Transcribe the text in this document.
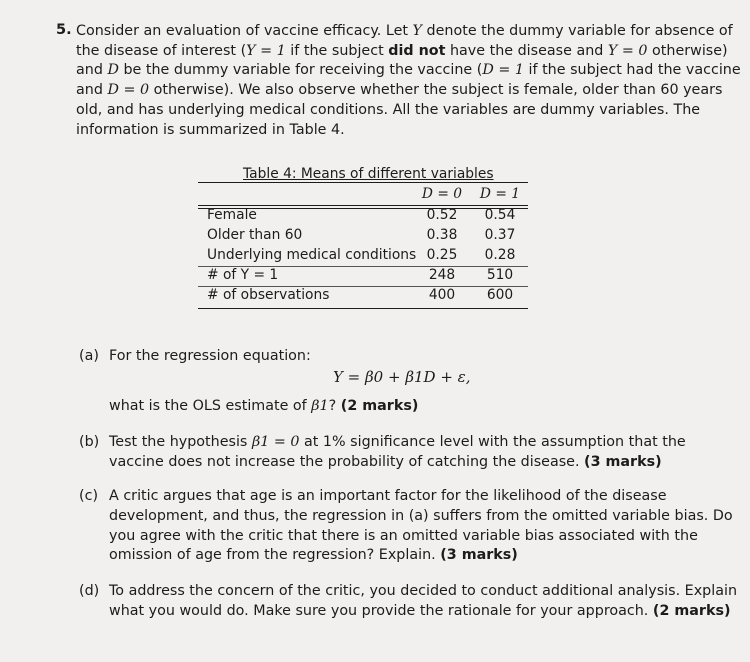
5. Consider an evaluation of vaccine efficacy. Let Y denote the dummy variable for absence of

the disease of interest (Y = 1 if the subject did not have the disease and Y = 0 otherwise)

and D be the dummy variable for receiving the vaccine (D = 1 if the subject had the vaccine

and D = 0 otherwise). We also observe whether the subject is female, older than 60 years

old, and has underlying medical conditions. All the variables are dummy variables. The

information is summarized in Table 4.

Table 4: Means of different variables
D = 0	D = 1
Female	0.52	0.54
Older than 60	0.38	0.37
Underlying medical conditions 0.25	0.28
# of Y = 1	248	510
# of observations	400	600
(a) For the regression equation:
Y = β0 + β1D + ε,
what is the OLS estimate of β1? (2 marks)
(b) Test the hypothesis β1 = 0 at 1% significance level with the assumption that the
vaccine does not increase the probability of catching the disease. (3 marks)
(c) A critic argues that age is an important factor for the likelihood of the disease
development, and thus, the regression in (a) suffers from the omitted variable bias. Do
you agree with the critic that there is an omitted variable bias associated with the
omission of age from the regression? Explain. (3 marks)
(d) To address the concern of the critic, you decided to conduct additional analysis. Explain
what you would do. Make sure you provide the rationale for your approach. (2 marks)
